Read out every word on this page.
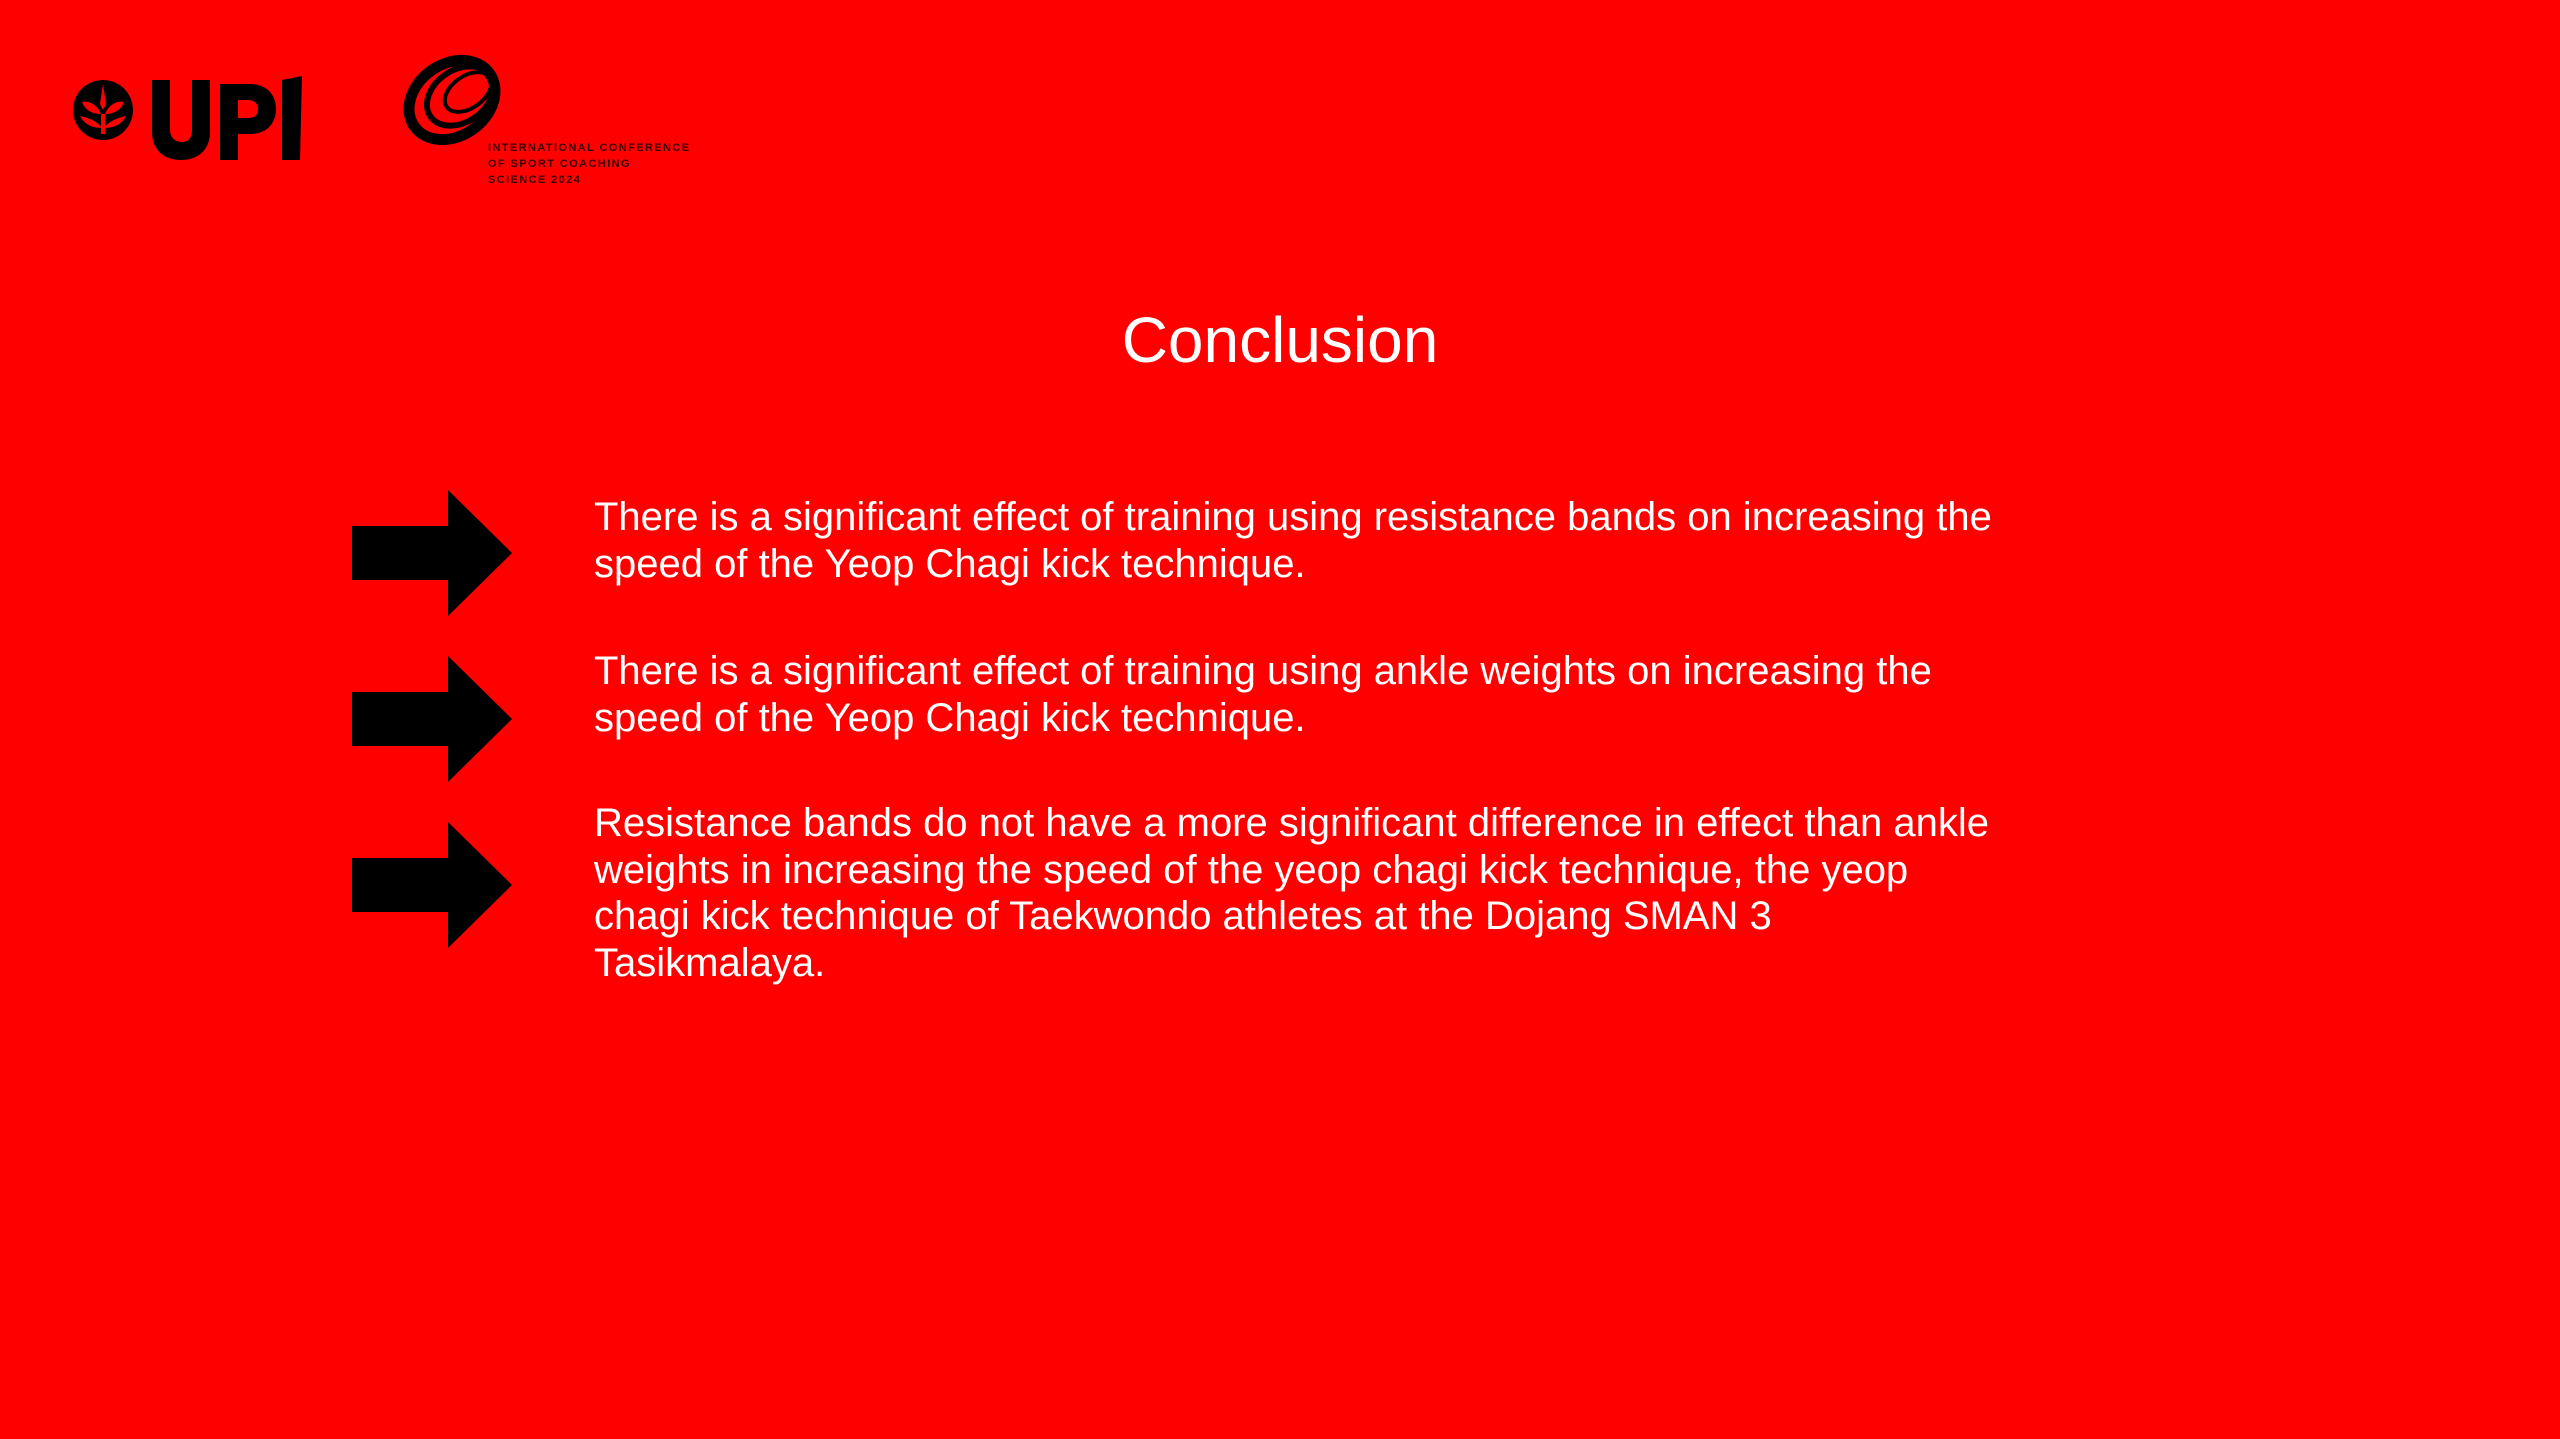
INTERNATIONAL CONFERENCE
OF SPORT COACHING
SCIENCE 2024
Conclusion

There is a significant effect of training using resistance bands on increasing the speed of the Yeop Chagi kick technique.

There is a significant effect of training using ankle weights on increasing the speed of the Yeop Chagi kick technique.

Resistance bands do not have a more significant difference in effect than ankle weights in increasing the speed of the yeop chagi kick technique, the yeop chagi kick technique of Taekwondo athletes at the Dojang SMAN 3 Tasikmalaya.
